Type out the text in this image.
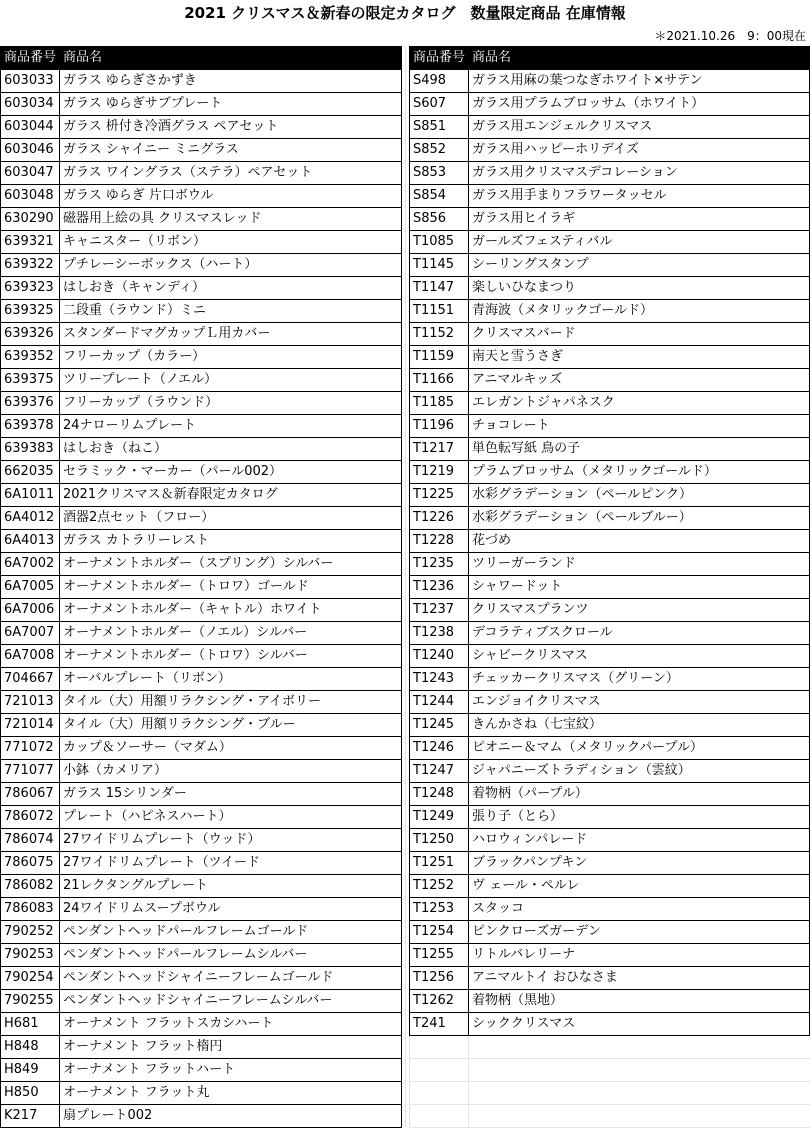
2021 クリスマス＆新春の限定カタログ　数量限定商品 在庫情報
＊2021.10.26　9：00現在
商品番号	商品名
603033	ガラス ゆらぎさかずき
603034	ガラス ゆらぎサブプレート
603044	ガラス 枡付き冷酒グラス ペアセット
603046	ガラス シャイニー ミニグラス
603047	ガラス ワイングラス（ステラ）ペアセット
603048	ガラス ゆらぎ 片口ボウル
630290	磁器用上絵の具 クリスマスレッド
639321	キャニスター（リボン）
639322	プチレーシーボックス（ハート）
639323	はしおき（キャンディ）
639325	二段重（ラウンド）ミニ
639326	スタンダードマグカップＬ用カバー
639352	フリーカップ（カラー）
639375	ツリープレート（ノエル）
639376	フリーカップ（ラウンド）
639378	24ナローリムプレート
639383	はしおき（ねこ）
662035	セラミック・マーカー（パール002）
6A1011	2021クリスマス＆新春限定カタログ
6A4012	酒器2点セット（フロー）
6A4013	ガラス カトラリーレスト
6A7002	オーナメントホルダー（スプリング）シルバー
6A7005	オーナメントホルダー（トロワ）ゴールド
6A7006	オーナメントホルダー（キャトル）ホワイト
6A7007	オーナメントホルダー（ノエル）シルバー
6A7008	オーナメントホルダー（トロワ）シルバー
704667	オーバルプレート（リボン）
721013	タイル（大）用額リラクシング・アイボリー
721014	タイル（大）用額リラクシング・ブルー
771072	カップ＆ソーサー（マダム）
771077	小鉢（カメリア）
786067	ガラス 15シリンダー
786072	プレート（ハピネスハート）
786074	27ワイドリムプレート（ウッド）
786075	27ワイドリムプレート（ツイード
786082	21レクタングルプレート
786083	24ワイドリムスープボウル
790252	ペンダントヘッドパールフレームゴールド
790253	ペンダントヘッドパールフレームシルバー
790254	ペンダントヘッドシャイニーフレームゴールド
790255	ペンダントヘッドシャイニーフレームシルバー
H681	オーナメント フラットスカシハート
H848	オーナメント フラット楕円
H849	オーナメント フラットハート
H850	オーナメント フラット丸
K217	扇プレート002
商品番号	商品名
S498	ガラス用麻の葉つなぎホワイト×サテン
S607	ガラス用プラムブロッサム（ホワイト）
S851	ガラス用エンジェルクリスマス
S852	ガラス用ハッピーホリデイズ
S853	ガラス用クリスマスデコレーション
S854	ガラス用手まりフラワータッセル
S856	ガラス用ヒイラギ
T1085	ガールズフェスティバル
T1145	シーリングスタンプ
T1147	楽しいひなまつり
T1151	青海波（メタリックゴールド）
T1152	クリスマスバード
T1159	南天と雪うさぎ
T1166	アニマルキッズ
T1185	エレガントジャパネスク
T1196	チョコレート
T1217	単色転写紙 鳥の子
T1219	プラムブロッサム（メタリックゴールド）
T1225	水彩グラデーション（ペールピンク）
T1226	水彩グラデーション（ペールブルー）
T1228	花づめ
T1235	ツリーガーランド
T1236	シャワードット
T1237	クリスマスプランツ
T1238	デコラティブスクロール
T1240	シャビークリスマス
T1243	チェッカークリスマス（グリーン）
T1244	エンジョイクリスマス
T1245	きんかさね（七宝紋）
T1246	ピオニー＆マム（メタリックパープル）
T1247	ジャパニーズトラディション（雲紋）
T1248	着物柄（パープル）
T1249	張り子（とら）
T1250	ハロウィンパレード
T1251	ブラックパンプキン
T1252	ヴ ェール・ペルレ
T1253	スタッコ
T1254	ピンクローズガーデン
T1255	リトルバレリーナ
T1256	アニマルトイ おひなさま
T1262	着物柄（黒地）
T241	シッククリスマス
